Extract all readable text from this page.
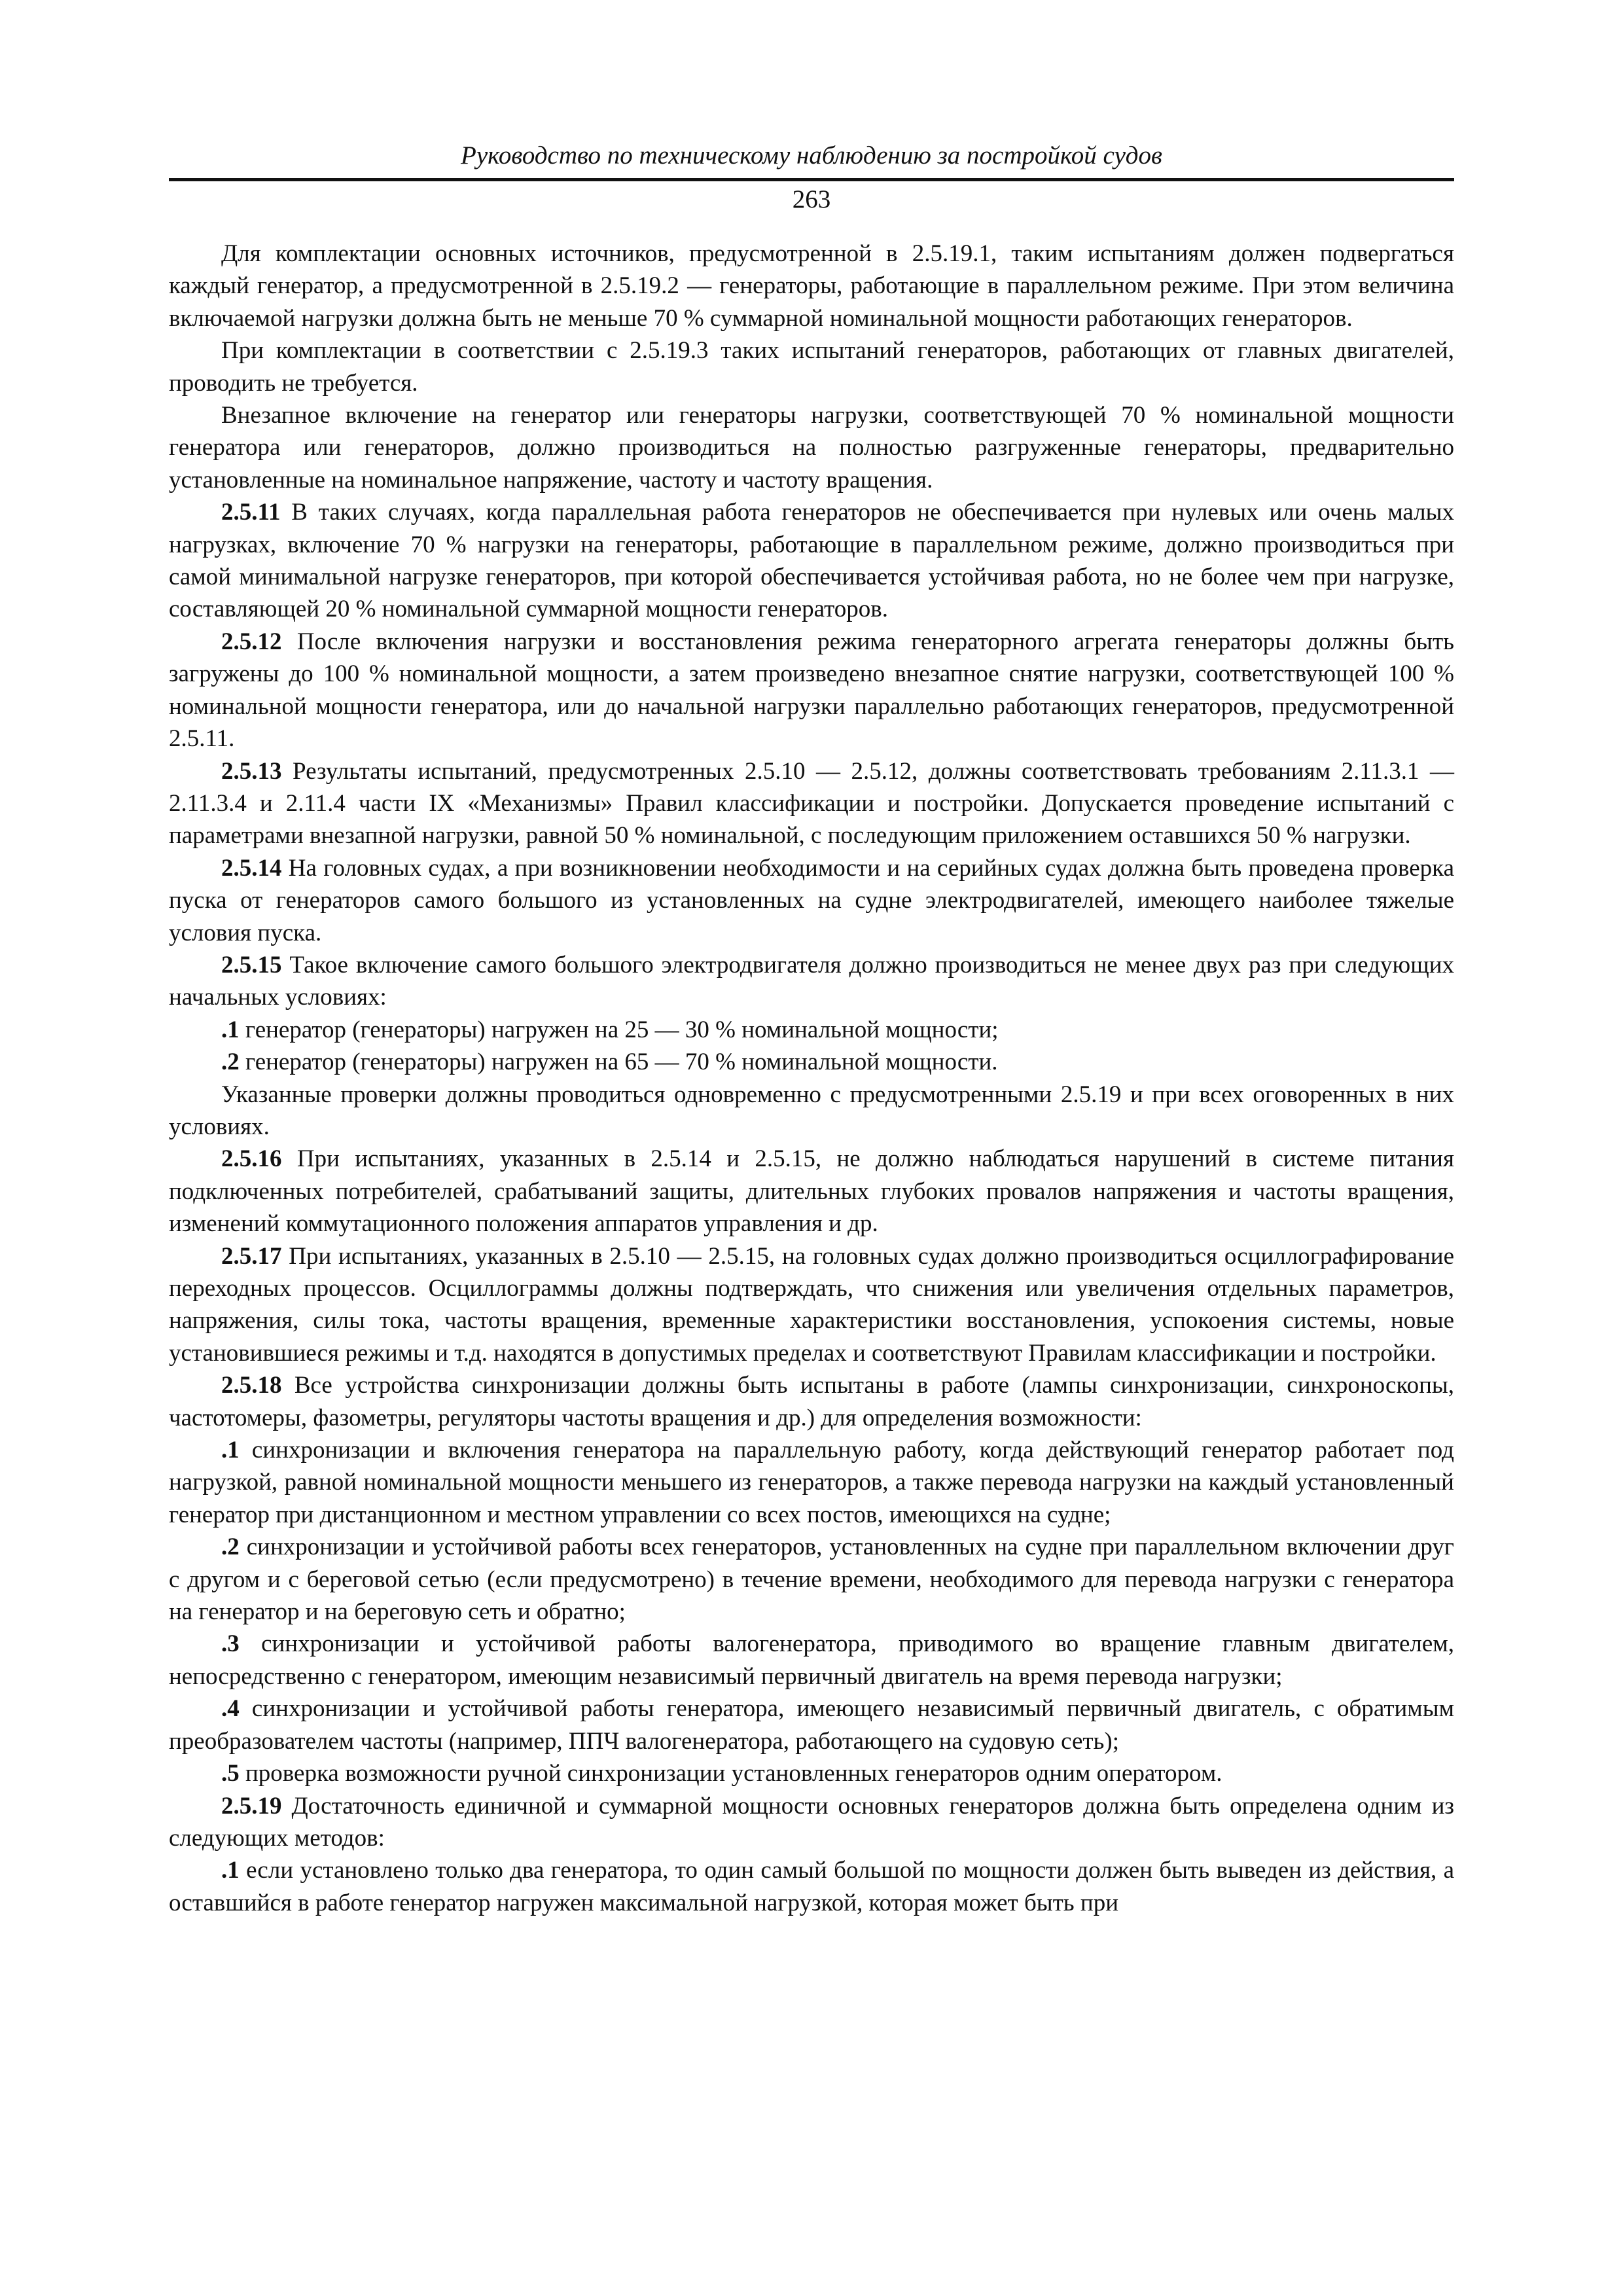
Руководство по техническому наблюдению за постройкой судов
263

Для комплектации основных источников, предусмотренной в 2.5.19.1, таким испытаниям должен подвергаться каждый генератор, а предусмотренной в 2.5.19.2 — генераторы, работающие в параллельном режиме. При этом величина включаемой нагрузки должна быть не меньше 70 % суммарной номинальной мощности работающих генераторов.

При комплектации в соответствии с 2.5.19.3 таких испытаний генераторов, работающих от главных двигателей, проводить не требуется.

Внезапное включение на генератор или генераторы нагрузки, соответствующей 70 % номинальной мощности генератора или генераторов, должно производиться на полностью разгруженные генераторы, предварительно установленные на номинальное напряжение, частоту и частоту вращения.

2.5.11 В таких случаях, когда параллельная работа генераторов не обеспечивается при нулевых или очень малых нагрузках, включение 70 % нагрузки на генераторы, работающие в параллельном режиме, должно производиться при самой минимальной нагрузке генераторов, при которой обеспечивается устойчивая работа, но не более чем при нагрузке, составляющей 20 % номинальной суммарной мощности генераторов.

2.5.12 После включения нагрузки и восстановления режима генераторного агрегата генераторы должны быть загружены до 100 % номинальной мощности, а затем произведено внезапное снятие нагрузки, соответствующей 100 % номинальной мощности генератора, или до начальной нагрузки параллельно работающих генераторов, предусмотренной 2.5.11.

2.5.13 Результаты испытаний, предусмотренных 2.5.10 — 2.5.12, должны соответствовать требованиям 2.11.3.1 — 2.11.3.4 и 2.11.4 части IX «Механизмы» Правил классификации и постройки. Допускается проведение испытаний с параметрами внезапной нагрузки, равной 50 % номинальной, с последующим приложением оставшихся 50 % нагрузки.

2.5.14 На головных судах, а при возникновении необходимости и на серийных судах должна быть проведена проверка пуска от генераторов самого большого из установленных на судне электродвигателей, имеющего наиболее тяжелые условия пуска.

2.5.15 Такое включение самого большого электродвигателя должно производиться не менее двух раз при следующих начальных условиях:

.1 генератор (генераторы) нагружен на 25 — 30 % номинальной мощности;

.2 генератор (генераторы) нагружен на 65 — 70 % номинальной мощности.

Указанные проверки должны проводиться одновременно с предусмотренными 2.5.19 и при всех оговоренных в них условиях.

2.5.16 При испытаниях, указанных в 2.5.14 и 2.5.15, не должно наблюдаться нарушений в системе питания подключенных потребителей, срабатываний защиты, длительных глубоких провалов напряжения и частоты вращения, изменений коммутационного положения аппаратов управления и др.

2.5.17 При испытаниях, указанных в 2.5.10 — 2.5.15, на головных судах должно производиться осциллографирование переходных процессов. Осциллограммы должны подтверждать, что снижения или увеличения отдельных параметров, напряжения, силы тока, частоты вращения, временные характеристики восстановления, успокоения системы, новые установившиеся режимы и т.д. находятся в допустимых пределах и соответствуют Правилам классификации и постройки.

2.5.18 Все устройства синхронизации должны быть испытаны в работе (лампы синхронизации, синхроноскопы, частотомеры, фазометры, регуляторы частоты вращения и др.) для определения возможности:

.1 синхронизации и включения генератора на параллельную работу, когда действующий генератор работает под нагрузкой, равной номинальной мощности меньшего из генераторов, а также перевода нагрузки на каждый установленный генератор при дистанционном и местном управлении со всех постов, имеющихся на судне;

.2 синхронизации и устойчивой работы всех генераторов, установленных на судне при параллельном включении друг с другом и с береговой сетью (если предусмотрено) в течение времени, необходимого для перевода нагрузки с генератора на генератор и на береговую сеть и обратно;

.3 синхронизации и устойчивой работы валогенератора, приводимого во вращение главным двигателем, непосредственно с генератором, имеющим независимый первичный двигатель на время перевода нагрузки;

.4 синхронизации и устойчивой работы генератора, имеющего независимый первичный двигатель, с обратимым преобразователем частоты (например, ППЧ валогенератора, работающего на судовую сеть);

.5 проверка возможности ручной синхронизации установленных генераторов одним оператором.

2.5.19 Достаточность единичной и суммарной мощности основных генераторов должна быть определена одним из следующих методов:

.1 если установлено только два генератора, то один самый большой по мощности должен быть выведен из действия, а оставшийся в работе генератор нагружен максимальной нагрузкой, которая может быть при
